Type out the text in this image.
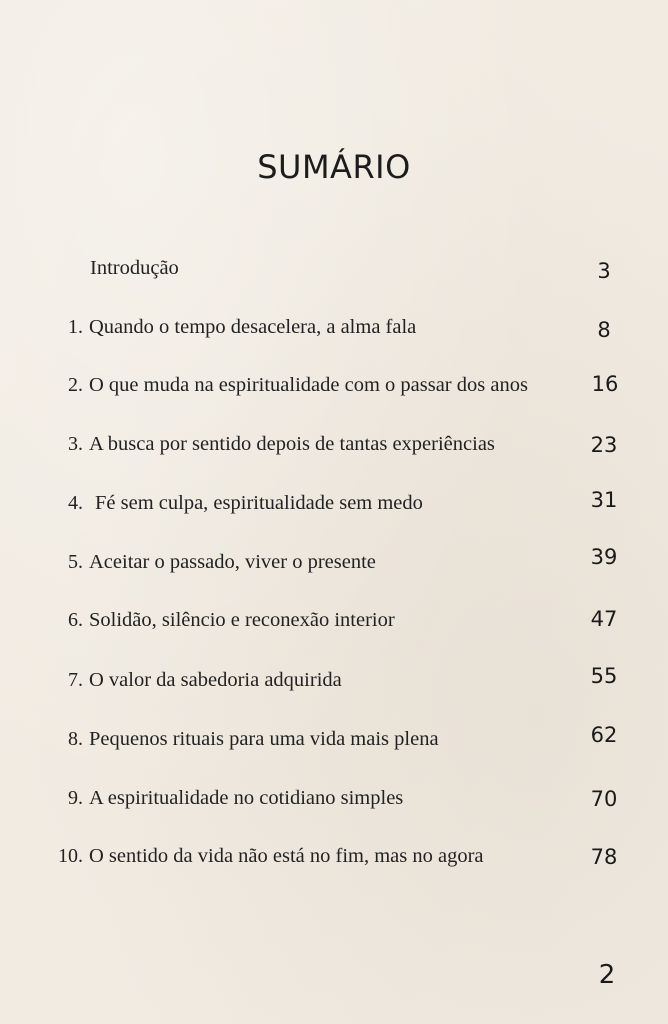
SUMÁRIO
Introdução	3
1. Quando o tempo desacelera, a alma fala	8
2. O que muda na espiritualidade com o passar dos anos	16
3. A busca por sentido depois de tantas experiências	23
4. Fé sem culpa, espiritualidade sem medo	31
5. Aceitar o passado, viver o presente	39
6. Solidão, silêncio e reconexão interior	47
7. O valor da sabedoria adquirida	55
8. Pequenos rituais para uma vida mais plena	62
9. A espiritualidade no cotidiano simples	70
10. O sentido da vida não está no fim, mas no agora	78
2
